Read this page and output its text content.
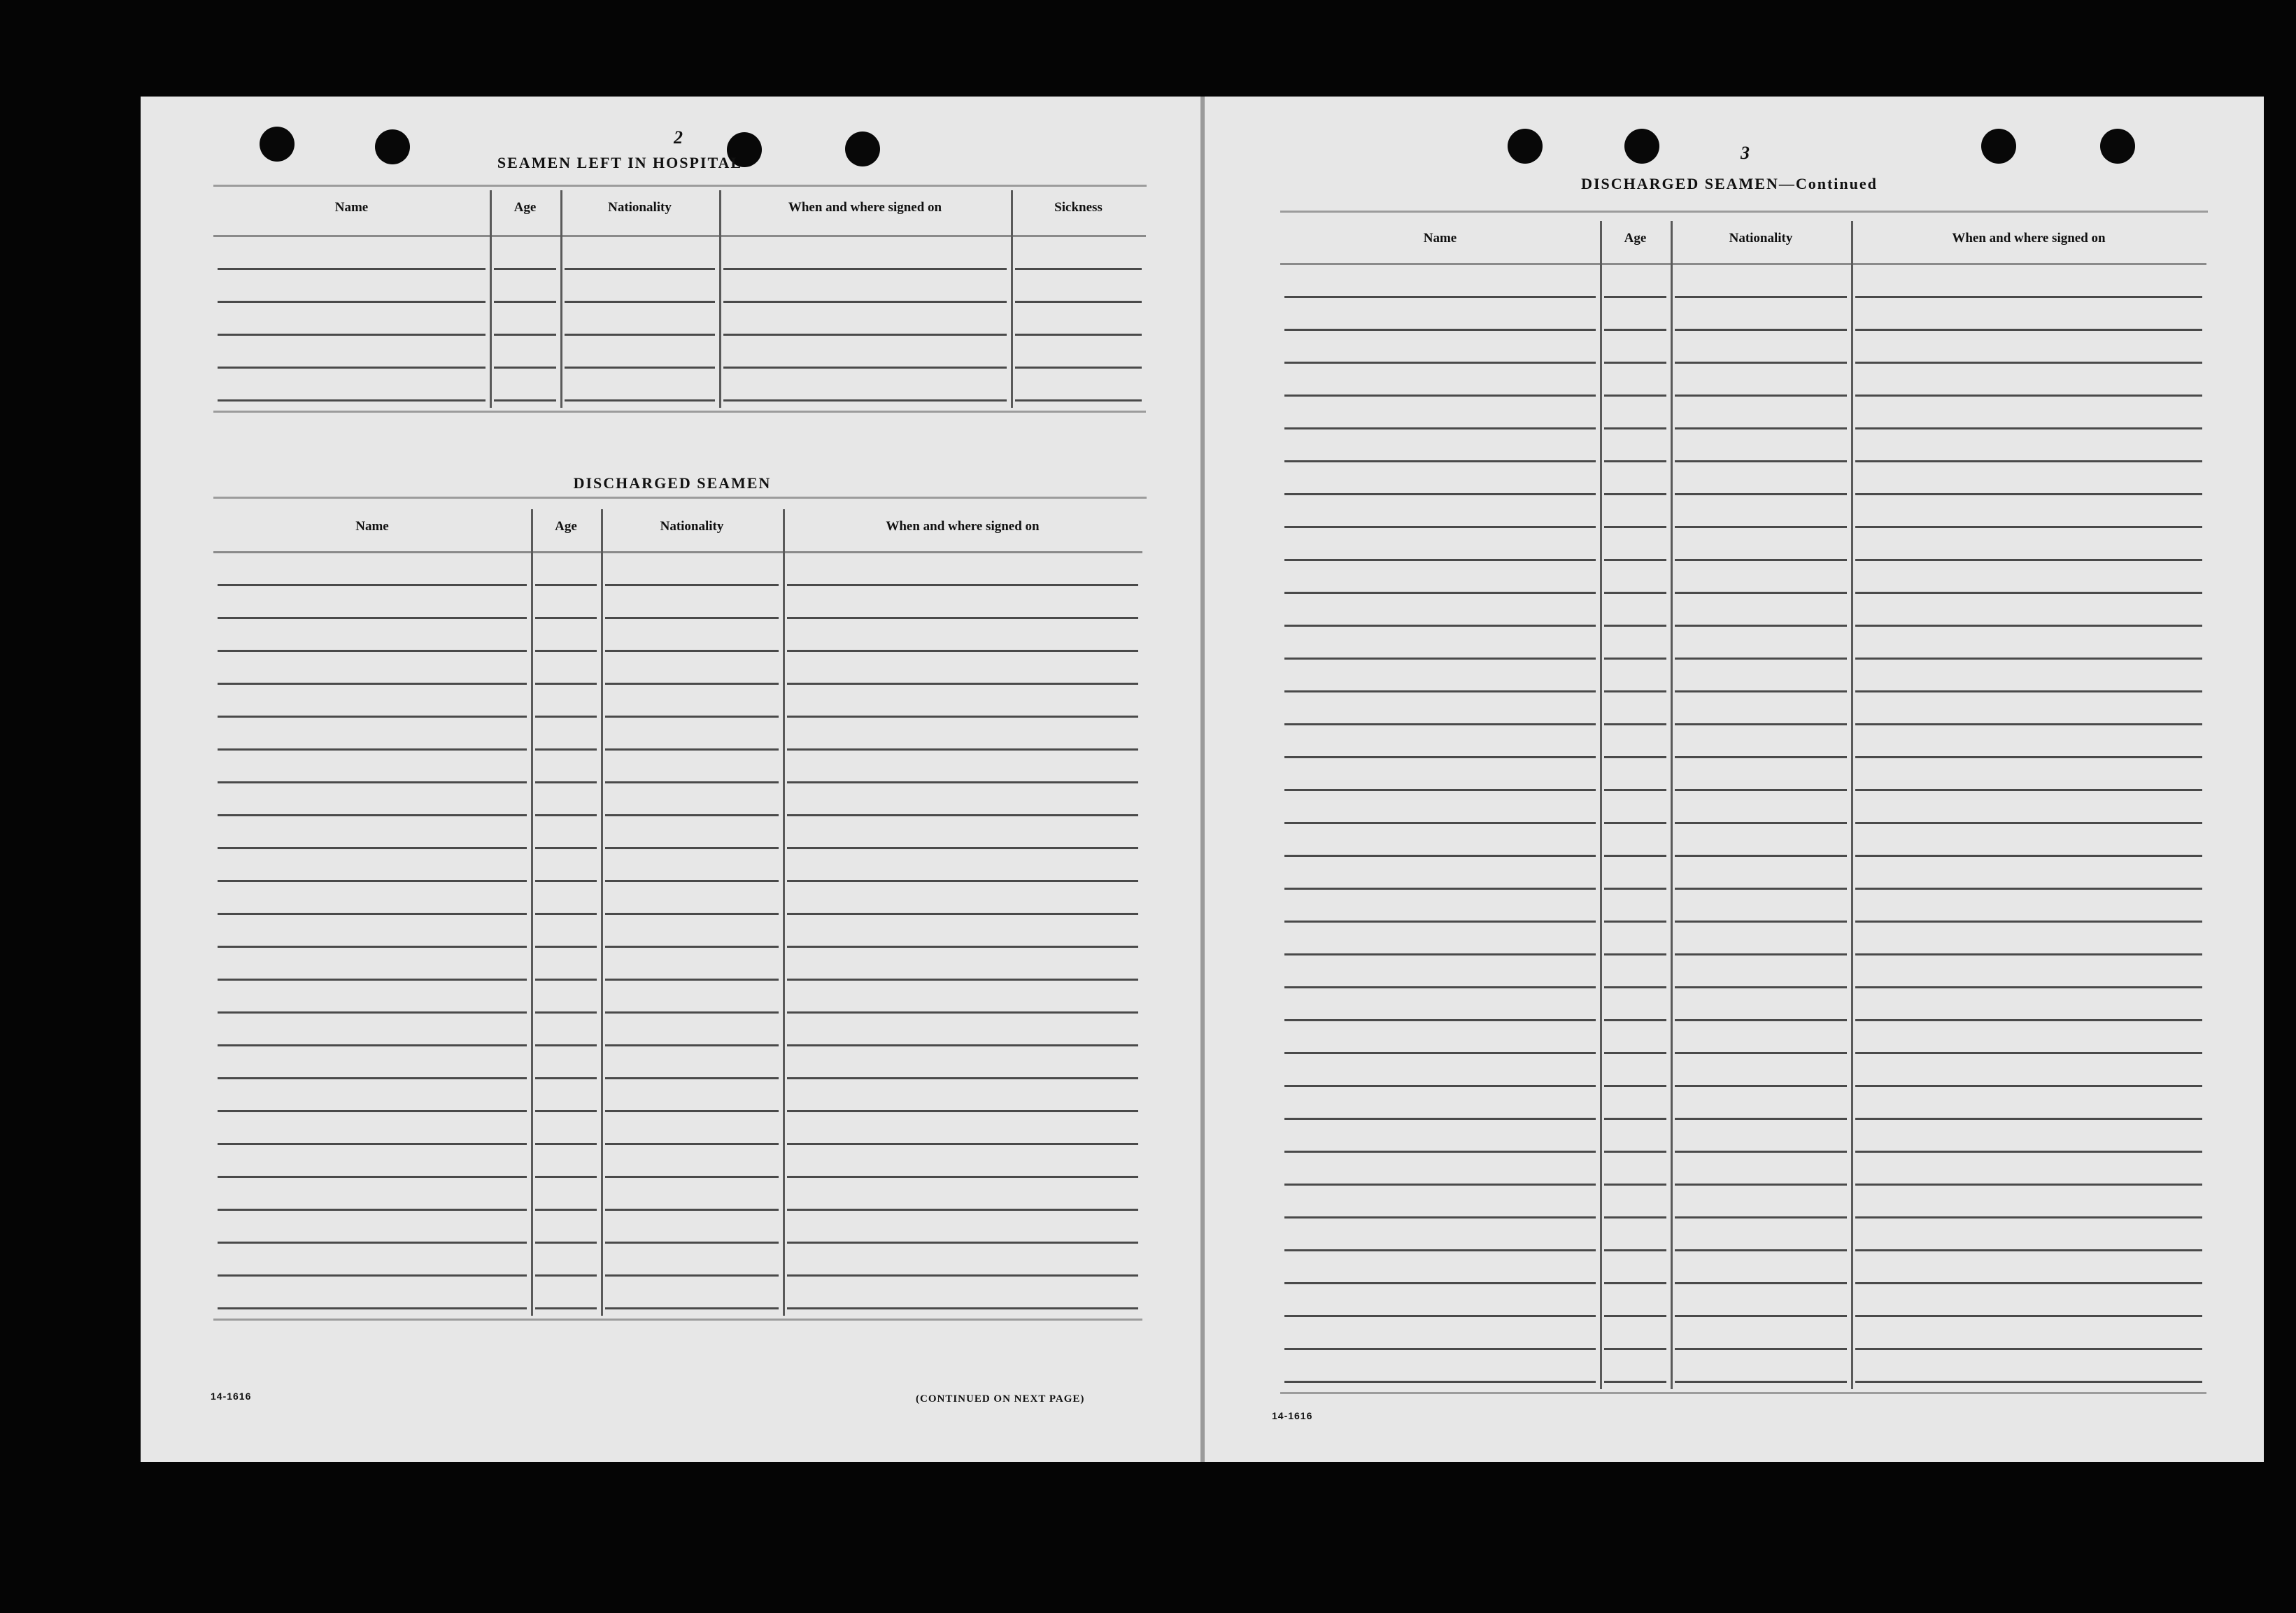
2
SEAMEN LEFT IN HOSPITAL
DISCHARGED SEAMEN
14-1616	(CONTINUED ON NEXT PAGE)
Name	Age	Nationality	When and where signed on	Sickness
Name	Age	Nationality	When and where signed on
3
DISCHARGED SEAMEN—Continued
14-1616
Name	Age	Nationality	When and where signed on
